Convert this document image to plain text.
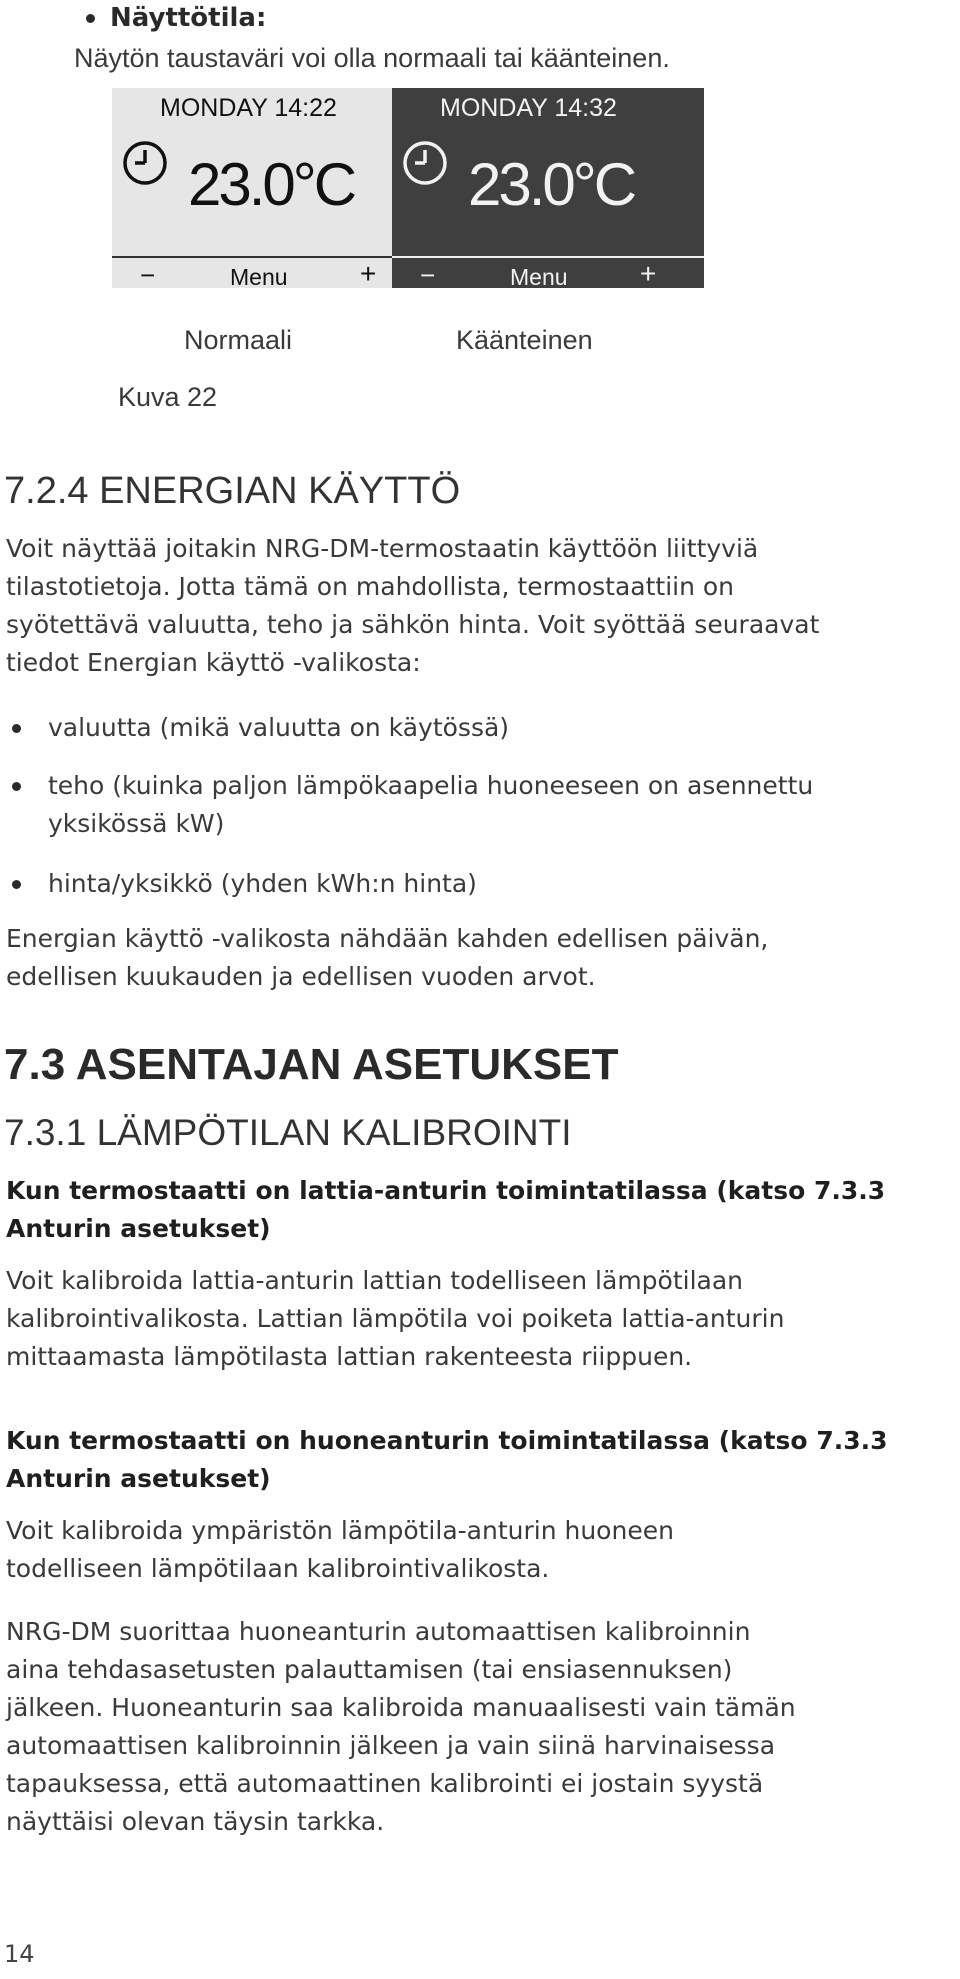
Näyttötila:
Näytön taustaväri voi olla normaali tai käänteinen.
MONDAY 14:22
23.0°C
−	Menu	+
MONDAY 14:32
23.0°C
−	Menu	+
Normaali	Käänteinen
Kuva 22
7.2.4 ENERGIAN KÄYTTÖ
Voit näyttää joitakin NRG-DM-termostaatin käyttöön liittyviä
tilastotietoja. Jotta tämä on mahdollista, termostaattiin on
syötettävä valuutta, teho ja sähkön hinta. Voit syöttää seuraavat
tiedot Energian käyttö -valikosta:
valuutta (mikä valuutta on käytössä)
teho (kuinka paljon lämpökaapelia huoneeseen on asennettu
yksikössä kW)
hinta/yksikkö (yhden kWh:n hinta)
Energian käyttö -valikosta nähdään kahden edellisen päivän,
edellisen kuukauden ja edellisen vuoden arvot.
7.3 ASENTAJAN ASETUKSET
7.3.1 LÄMPÖTILAN KALIBROINTI
Kun termostaatti on lattia-anturin toimintatilassa (katso 7.3.3
Anturin asetukset)
Voit kalibroida lattia-anturin lattian todelliseen lämpötilaan
kalibrointivalikosta. Lattian lämpötila voi poiketa lattia-anturin
mittaamasta lämpötilasta lattian rakenteesta riippuen.
Kun termostaatti on huoneanturin toimintatilassa (katso 7.3.3
Anturin asetukset)
Voit kalibroida ympäristön lämpötila-anturin huoneen
todelliseen lämpötilaan kalibrointivalikosta.
NRG-DM suorittaa huoneanturin automaattisen kalibroinnin
aina tehdasasetusten palauttamisen (tai ensiasennuksen)
jälkeen. Huoneanturin saa kalibroida manuaalisesti vain tämän
automaattisen kalibroinnin jälkeen ja vain siinä harvinaisessa
tapauksessa, että automaattinen kalibrointi ei jostain syystä
näyttäisi olevan täysin tarkka.
14
